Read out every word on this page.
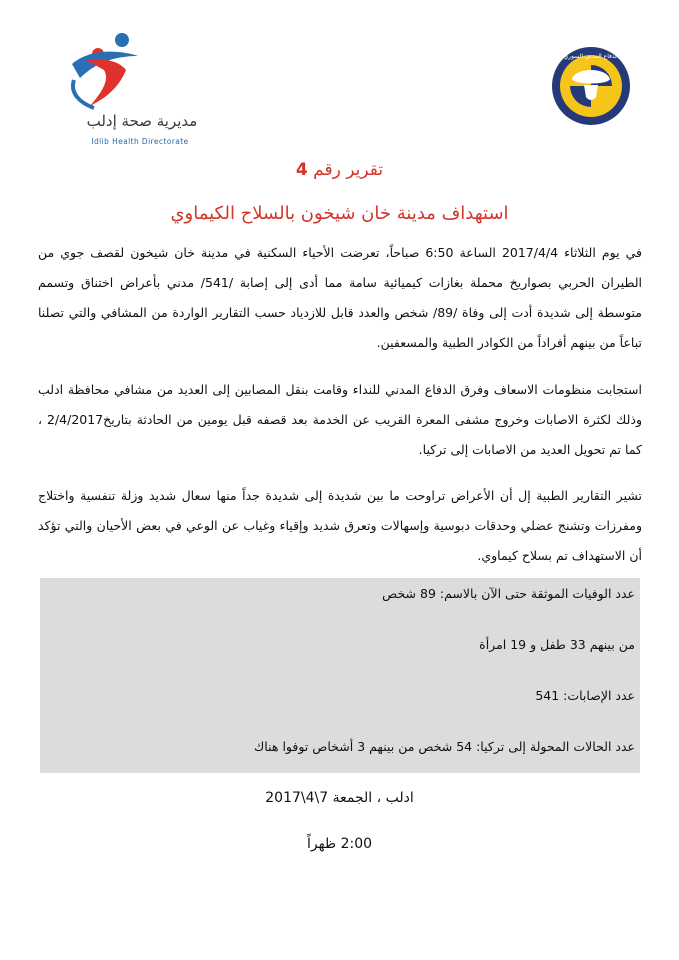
مديرية صحة إدلب
Idlib Health Directorate
الدفاع المدني السوري
تقرير رقم 4
استهداف مدينة خان شيخون بالسلاح الكيماوي

في يوم الثلاثاء 2017/4/4 الساعة 6:50 صباحاً، تعرضت الأحياء السكنية في مدينة خان شيخون لقصف جوي من الطيران الحربي بصواريخ محملة بغازات كيميائية سامة مما أدى إلى إصابة /541/ مدني بأعراض اختناق وتسمم متوسطة إلى شديدة أدت إلى وفاة /89/ شخص والعدد قابل للازدياد حسب التقارير الواردة من المشافي والتي تصلنا تباعاً من بينهم أفراداً من الكوادر الطبية والمسعفين.

استجابت منظومات الاسعاف وفرق الدفاع المدني للنداء وقامت بنقل المصابين إلى العديد من مشافي محافظة ادلب وذلك لكثرة الاصابات وخروج مشفى المعرة القريب عن الخدمة بعد قصفه قبل يومين من الحادثة بتاريخ2/4/2017 ، كما تم تحويل العديد من الاصابات إلى تركيا.

تشير التقارير الطبية إل أن الأعراض تراوحت ما بين شديدة إلى شديدة جداً منها سعال شديد وزلة تنفسية واختلاج ومفرزات وتشنج عضلي وحدقات دبوسية وإسهالات وتعرق شديد وإقياء وغياب عن الوعي في بعض الأحيان والتي تؤكد أن الاستهداف تم بسلاح كيماوي.

عدد الوفيات الموثقة حتى الآن بالاسم: 89 شخص
من بينهم 33 طفل و 19 امرأة
عدد الإصابات: 541
عدد الحالات المحولة إلى تركيا: 54 شخص من بينهم 3 أشخاص توفوا هناك
ادلب ، الجمعة 7\4\2017
2:00 ظهراً
